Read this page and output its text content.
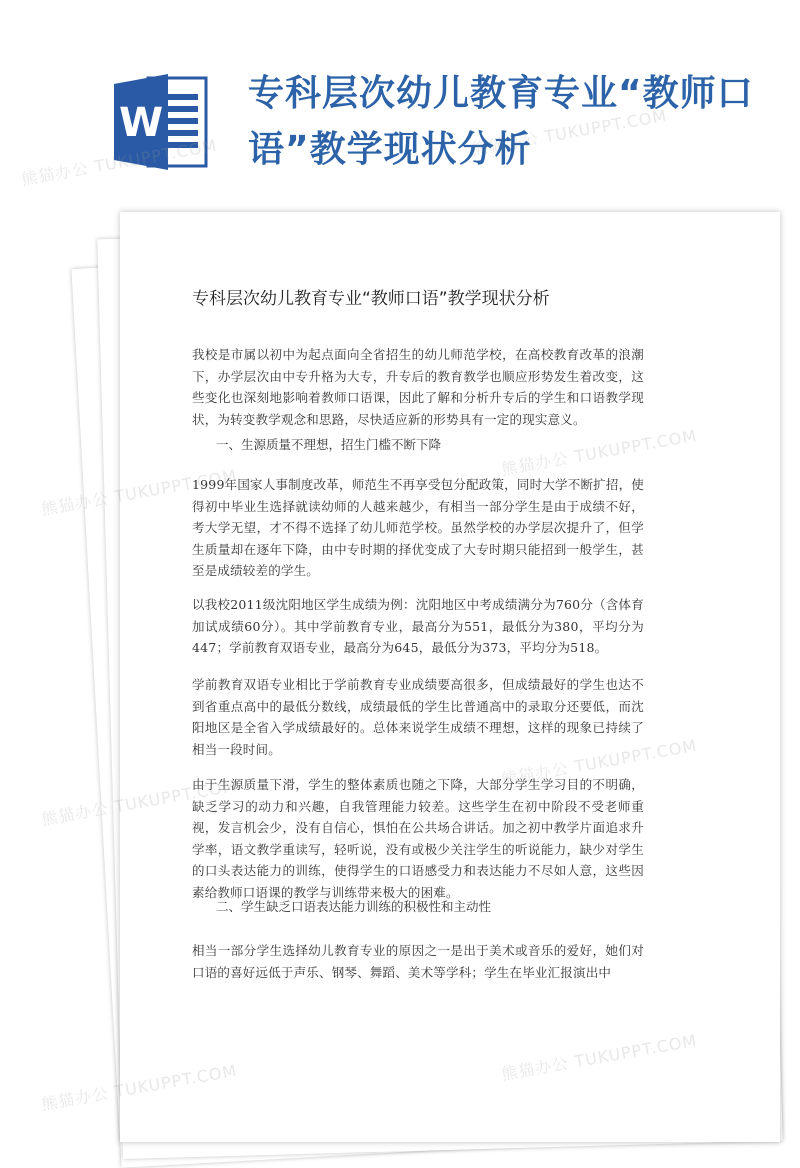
W
专科层次幼儿教育专业“教师口语”教学现状分析
专科层次幼儿教育专业“教师口语”教学现状分析
我校是市属以初中为起点面向全省招生的幼儿师范学校，在高校教育改革的浪潮下，办学层次由中专升格为大专，升专后的教育教学也顺应形势发生着改变，这些变化也深刻地影响着教师口语课，因此了解和分析升专后的学生和口语教学现状，为转变教学观念和思路，尽快适应新的形势具有一定的现实意义。
一、生源质量不理想，招生门槛不断下降
1999年国家人事制度改革，师范生不再享受包分配政策，同时大学不断扩招，使得初中毕业生选择就读幼师的人越来越少，有相当一部分学生是由于成绩不好，考大学无望，才不得不选择了幼儿师范学校。虽然学校的办学层次提升了，但学生质量却在逐年下降，由中专时期的择优变成了大专时期只能招到一般学生，甚至是成绩较差的学生。
以我校2011级沈阳地区学生成绩为例：沈阳地区中考成绩满分为760分（含体育加试成绩60分）。其中学前教育专业，最高分为551，最低分为380，平均分为447；学前教育双语专业，最高分为645，最低分为373，平均分为518。
学前教育双语专业相比于学前教育专业成绩要高很多，但成绩最好的学生也达不到省重点高中的最低分数线，成绩最低的学生比普通高中的录取分还要低，而沈阳地区是全省入学成绩最好的。总体来说学生成绩不理想，这样的现象已持续了相当一段时间。
由于生源质量下滑，学生的整体素质也随之下降，大部分学生学习目的不明确，缺乏学习的动力和兴趣，自我管理能力较差。这些学生在初中阶段不受老师重视，发言机会少，没有自信心，惧怕在公共场合讲话。加之初中教学片面追求升学率，语文教学重读写，轻听说，没有或极少关注学生的听说能力，缺少对学生的口头表达能力的训练，使得学生的口语感受力和表达能力不尽如人意，这些因素给教师口语课的教学与训练带来极大的困难。
二、学生缺乏口语表达能力训练的积极性和主动性
相当一部分学生选择幼儿教育专业的原因之一是出于美术或音乐的爱好，她们对口语的喜好远低于声乐、钢琴、舞蹈、美术等学科；学生在毕业汇报演出中
熊猫办公 TUKUPPT.COM
熊猫办公 TUKUPPT.COM
熊猫办公 TUKUPPT.COM
熊猫办公 TUKUPPT.COM
熊猫办公 TUKUPPT.COM
熊猫办公 TUKUPPT.COM
熊猫办公 TUKUPPT.COM
熊猫办公 TUKUPPT.COM
